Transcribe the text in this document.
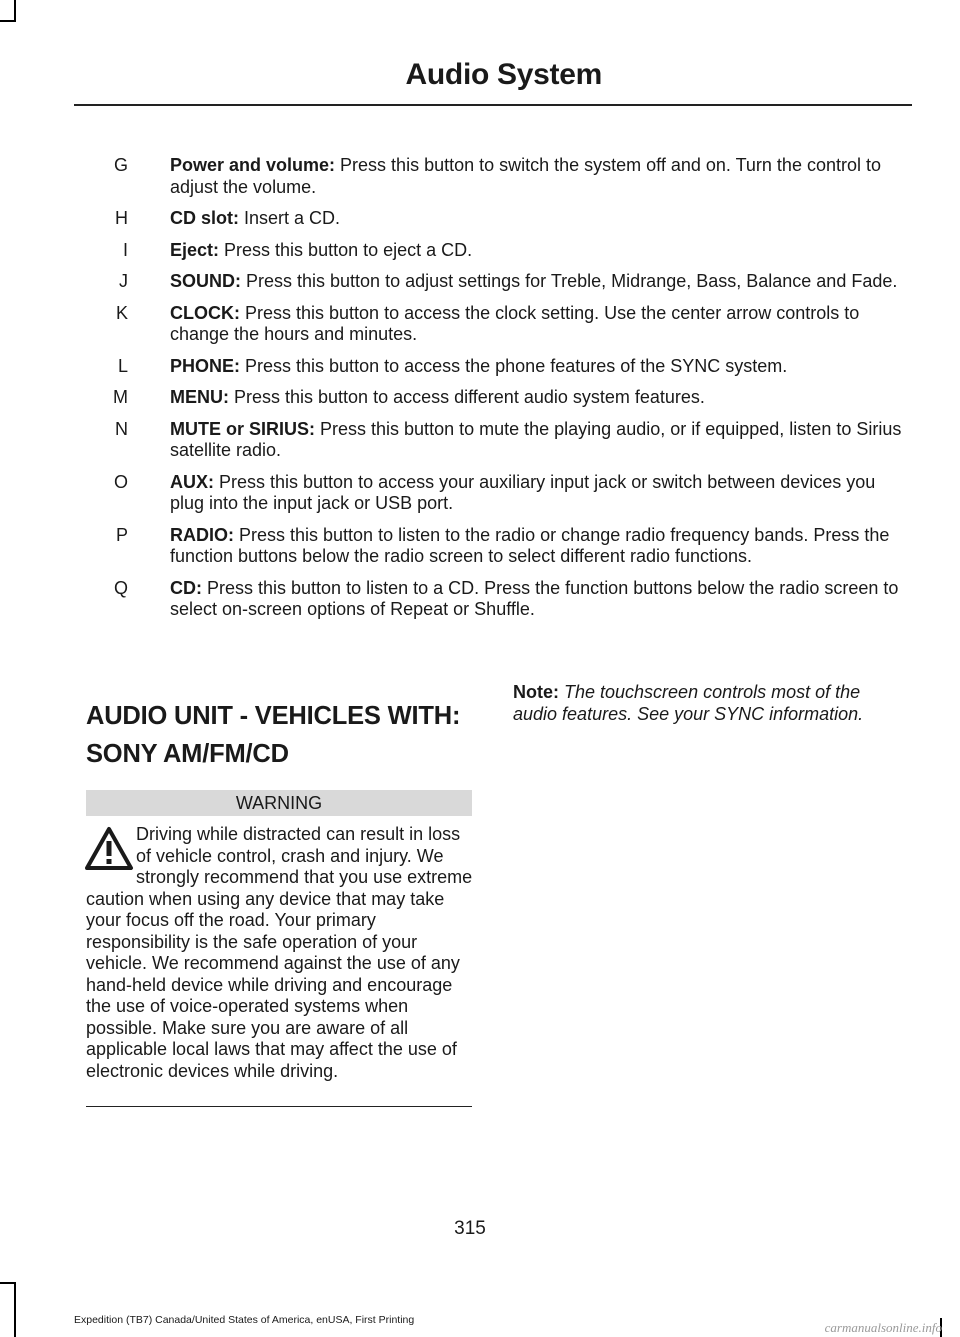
Audio System
G Power and volume: Press this button to switch the system off and on. Turn the control to adjust the volume.
H CD slot: Insert a CD.
I Eject: Press this button to eject a CD.
J SOUND: Press this button to adjust settings for Treble, Midrange, Bass, Balance and Fade.
K CLOCK: Press this button to access the clock setting. Use the center arrow controls to change the hours and minutes.
L PHONE: Press this button to access the phone features of the SYNC system.
M MENU: Press this button to access different audio system features.
N MUTE or SIRIUS: Press this button to mute the playing audio, or if equipped, listen to Sirius satellite radio.
O AUX: Press this button to access your auxiliary input jack or switch between devices you plug into the input jack or USB port.
P RADIO: Press this button to listen to the radio or change radio frequency bands. Press the function buttons below the radio screen to select different radio functions.
Q CD: Press this button to listen to a CD. Press the function buttons below the radio screen to select on-screen options of Repeat or Shuffle.
AUDIO UNIT - VEHICLES WITH:
SONY AM/FM/CD
WARNING
Driving while distracted can result in loss of vehicle control, crash and injury. We strongly recommend that you use extreme caution when using any device that may take your focus off the road. Your primary responsibility is the safe operation of your vehicle. We recommend against the use of any hand-held device while driving and encourage the use of voice-operated systems when possible. Make sure you are aware of all applicable local laws that may affect the use of electronic devices while driving.
Note: The touchscreen controls most of the audio features. See your SYNC information.
315
Expedition (TB7) Canada/United States of America, enUSA, First Printing	carmanualsonline.info
